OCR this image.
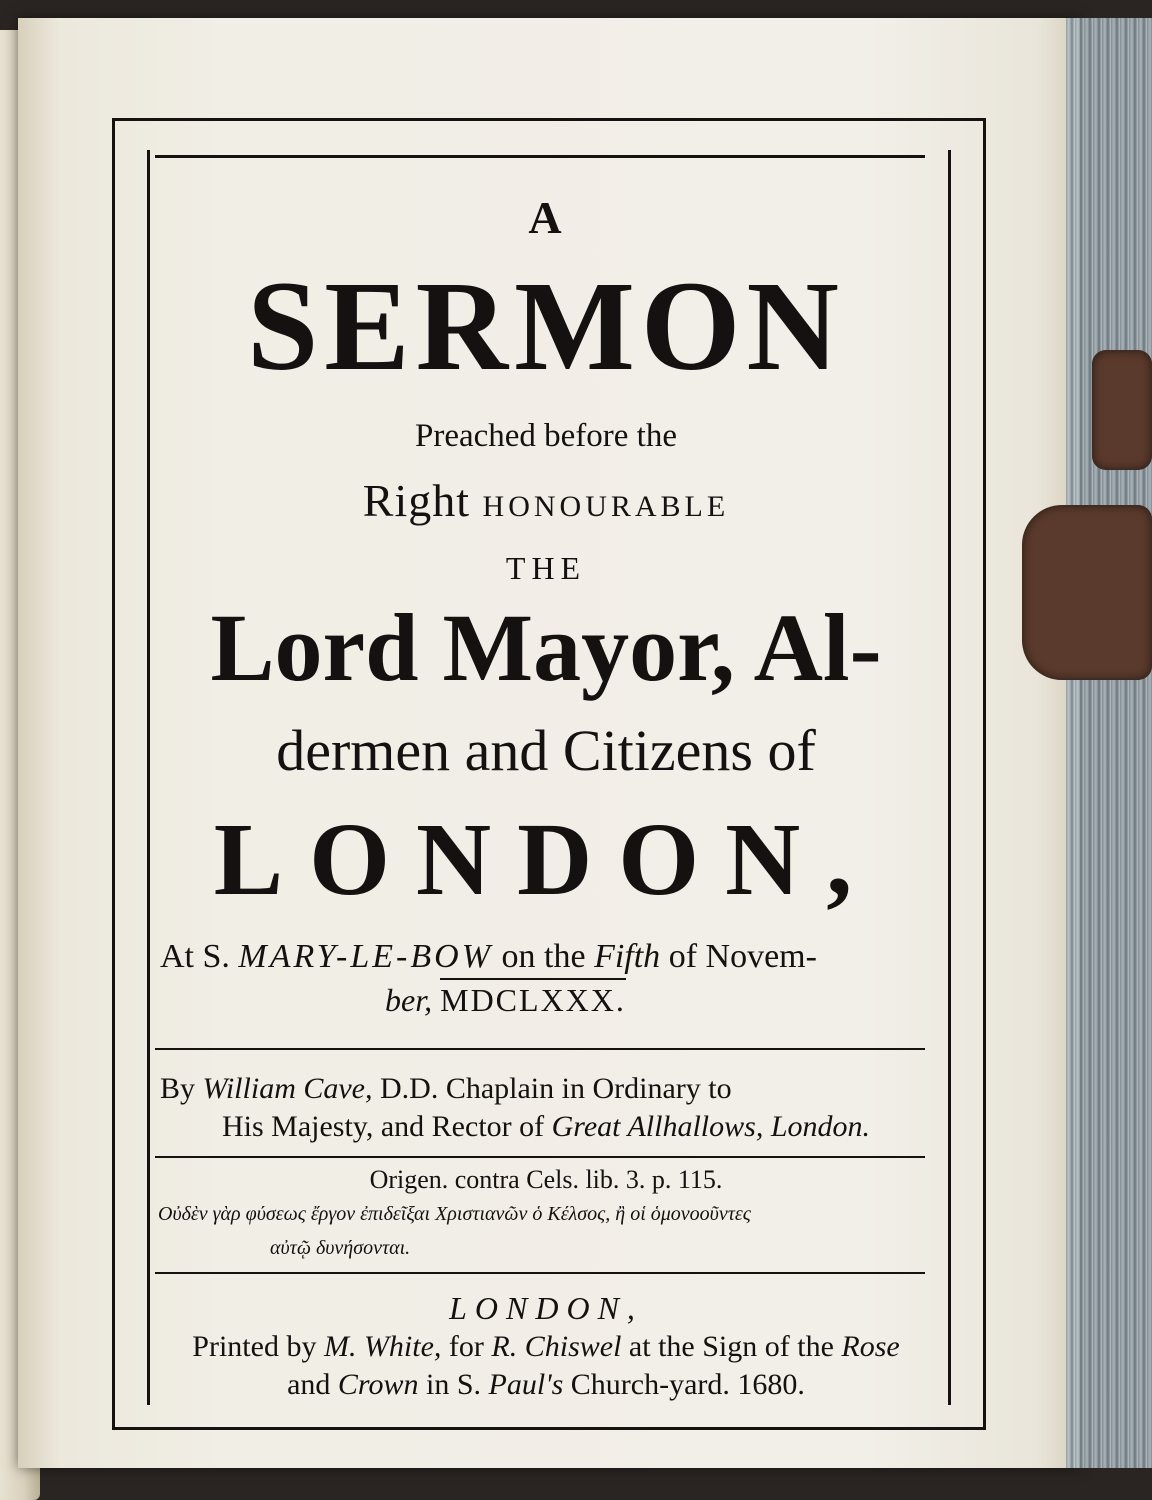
A
SERMON
Preached before the
Right HONOURABLE
THE
Lord Mayor, Al-
dermen and Citizens of
LONDON,
At S. MARY-LE-BOW on the Fifth of Novem-
ber, MDCLXXX.
By William Cave, D.D. Chaplain in Ordinary to
His Majesty, and Rector of Great Allhallows, London.
Origen. contra Cels. lib. 3. p. 115.
Οὐδὲν γὰρ φύσεως ἔργον ἐπιδεῖξαι Χριστιανῶν ὁ Κέλσος, ἢ οἱ ὁμονοοῦντες
αὐτῷ δυνήσονται.
LONDON,
Printed by M. White, for R. Chiswel at the Sign of the Rose
and Crown in S. Paul's Church-yard. 1680.
